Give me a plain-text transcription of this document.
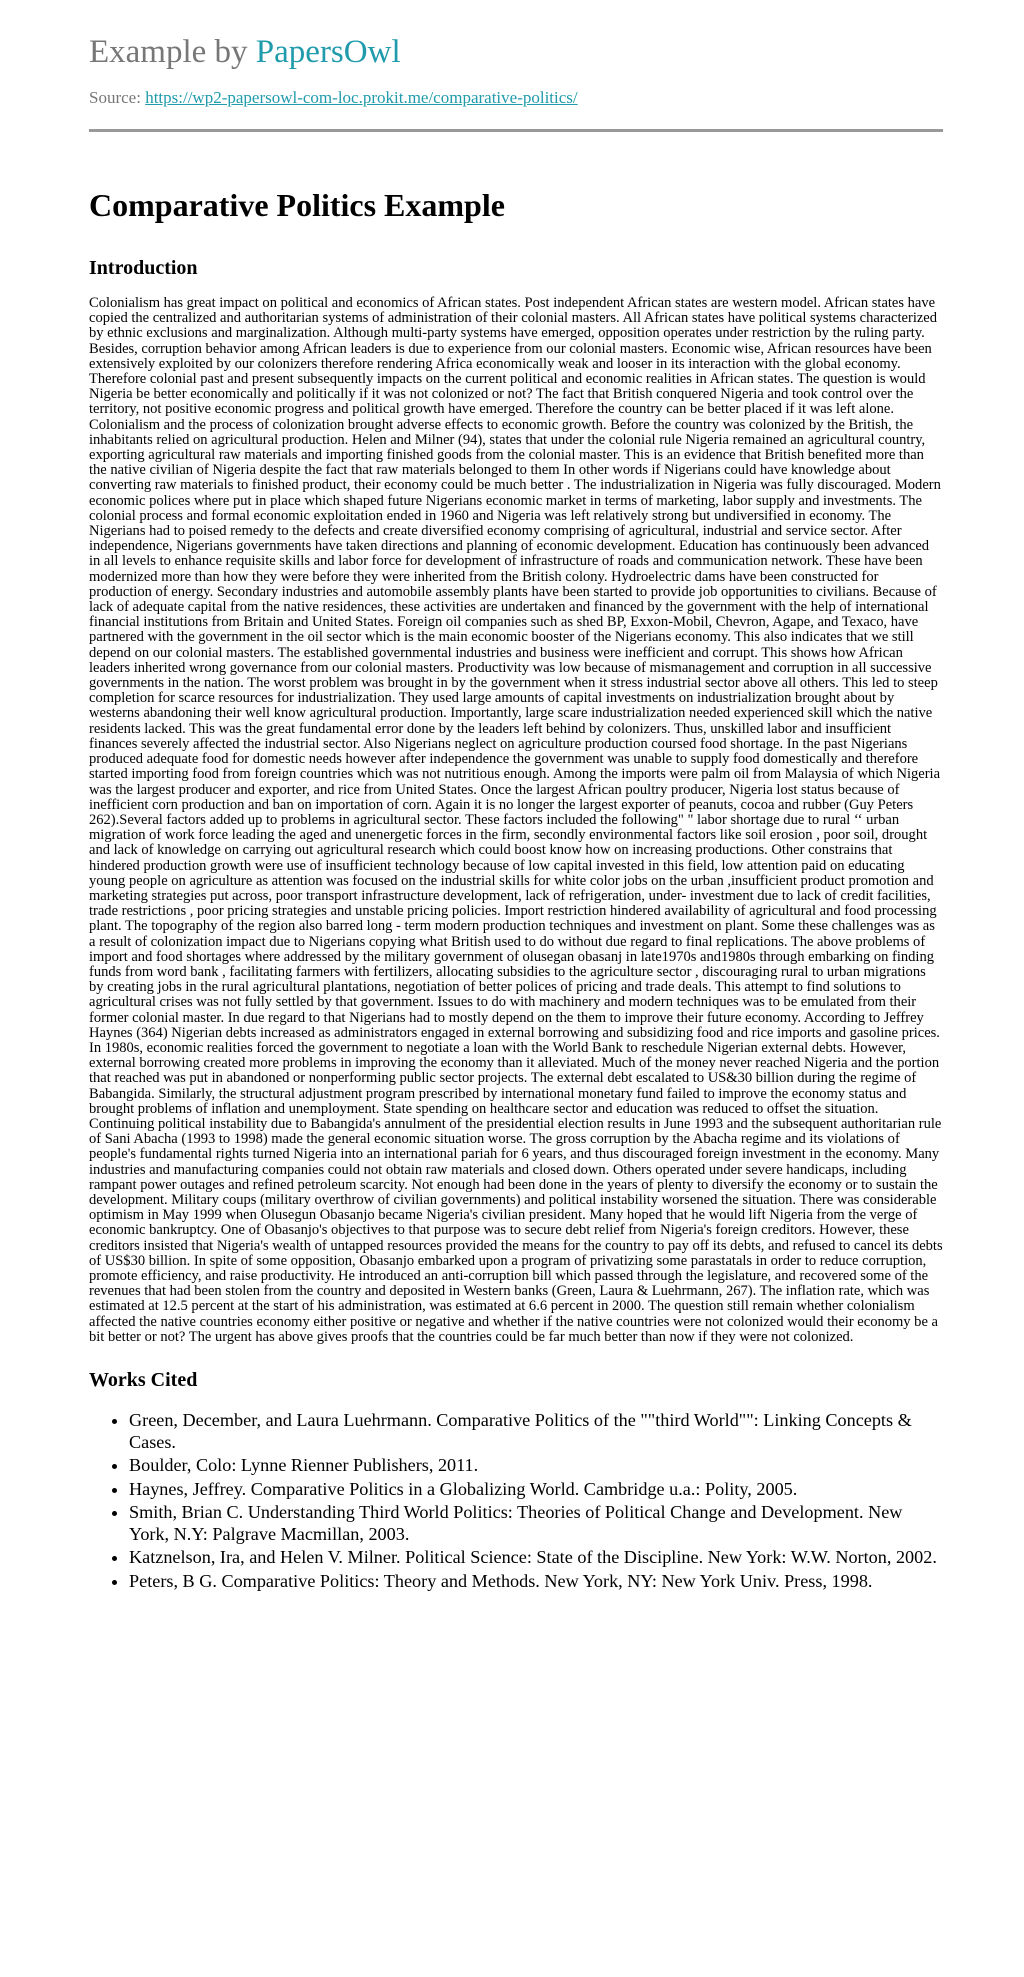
Example by PapersOwl
Source: https://wp2-papersowl-com-loc.prokit.me/comparative-politics/
Comparative Politics Example
Introduction

Colonialism has great impact on political and economics of African states. Post independent African states are western model. African states have copied the centralized and authoritarian systems of administration of their colonial masters. All African states have political systems characterized by ethnic exclusions and marginalization. Although multi-party systems have emerged, opposition operates under restriction by the ruling party. Besides, corruption behavior among African leaders is due to experience from our colonial masters. Economic wise, African resources have been extensively exploited by our colonizers therefore rendering Africa economically weak and looser in its interaction with the global economy. Therefore colonial past and present subsequently impacts on the current political and economic realities in African states. The question is would Nigeria be better economically and politically if it was not colonized or not? The fact that British conquered Nigeria and took control over the territory, not positive economic progress and political growth have emerged. Therefore the country can be better placed if it was left alone. Colonialism and the process of colonization brought adverse effects to economic growth. Before the country was colonized by the British, the inhabitants relied on agricultural production. Helen and Milner (94), states that under the colonial rule Nigeria remained an agricultural country, exporting agricultural raw materials and importing finished goods from the colonial master. This is an evidence that British benefited more than the native civilian of Nigeria despite the fact that raw materials belonged to them In other words if Nigerians could have knowledge about converting raw materials to finished product, their economy could be much better . The industrialization in Nigeria was fully discouraged. Modern economic polices where put in place which shaped future Nigerians economic market in terms of marketing, labor supply and investments. The colonial process and formal economic exploitation ended in 1960 and Nigeria was left relatively strong but undiversified in economy. The Nigerians had to poised remedy to the defects and create diversified economy comprising of agricultural, industrial and service sector. After independence, Nigerians governments have taken directions and planning of economic development. Education has continuously been advanced in all levels to enhance requisite skills and labor force for development of infrastructure of roads and communication network. These have been modernized more than how they were before they were inherited from the British colony. Hydroelectric dams have been constructed for production of energy. Secondary industries and automobile assembly plants have been started to provide job opportunities to civilians. Because of lack of adequate capital from the native residences, these activities are undertaken and financed by the government with the help of international financial institutions from Britain and United States. Foreign oil companies such as shed BP, Exxon-Mobil, Chevron, Agape, and Texaco, have partnered with the government in the oil sector which is the main economic booster of the Nigerians economy. This also indicates that we still depend on our colonial masters. The established governmental industries and business were inefficient and corrupt. This shows how African leaders inherited wrong governance from our colonial masters. Productivity was low because of mismanagement and corruption in all successive governments in the nation. The worst problem was brought in by the government when it stress industrial sector above all others. This led to steep completion for scarce resources for industrialization. They used large amounts of capital investments on industrialization brought about by westerns abandoning their well know agricultural production. Importantly, large scare industrialization needed experienced skill which the native residents lacked. This was the great fundamental error done by the leaders left behind by colonizers. Thus, unskilled labor and insufficient finances severely affected the industrial sector. Also Nigerians neglect on agriculture production coursed food shortage. In the past Nigerians produced adequate food for domestic needs however after independence the government was unable to supply food domestically and therefore started importing food from foreign countries which was not nutritious enough. Among the imports were palm oil from Malaysia of which Nigeria was the largest producer and exporter, and rice from United States. Once the largest African poultry producer, Nigeria lost status because of inefficient corn production and ban on importation of corn. Again it is no longer the largest exporter of peanuts, cocoa and rubber (Guy Peters 262).Several factors added up to problems in agricultural sector. These factors included the following" " labor shortage due to rural ‘‘ urban migration of work force leading the aged and unenergetic forces in the firm, secondly environmental factors like soil erosion , poor soil, drought and lack of knowledge on carrying out agricultural research which could boost know how on increasing productions. Other constrains that hindered production growth were use of insufficient technology because of low capital invested in this field, low attention paid on educating young people on agriculture as attention was focused on the industrial skills for white color jobs on the urban ,insufficient product promotion and marketing strategies put across, poor transport infrastructure development, lack of refrigeration, under- investment due to lack of credit facilities, trade restrictions , poor pricing strategies and unstable pricing policies. Import restriction hindered availability of agricultural and food processing plant. The topography of the region also barred long - term modern production techniques and investment on plant. Some these challenges was as a result of colonization impact due to Nigerians copying what British used to do without due regard to final replications. The above problems of import and food shortages where addressed by the military government of olusegan obasanj in late1970s and1980s through embarking on finding funds from word bank , facilitating farmers with fertilizers, allocating subsidies to the agriculture sector , discouraging rural to urban migrations by creating jobs in the rural agricultural plantations, negotiation of better polices of pricing and trade deals. This attempt to find solutions to agricultural crises was not fully settled by that government. Issues to do with machinery and modern techniques was to be emulated from their former colonial master. In due regard to that Nigerians had to mostly depend on the them to improve their future economy. According to Jeffrey Haynes (364) Nigerian debts increased as administrators engaged in external borrowing and subsidizing food and rice imports and gasoline prices. In 1980s, economic realities forced the government to negotiate a loan with the World Bank to reschedule Nigerian external debts. However, external borrowing created more problems in improving the economy than it alleviated. Much of the money never reached Nigeria and the portion that reached was put in abandoned or nonperforming public sector projects. The external debt escalated to US&30 billion during the regime of Babangida. Similarly, the structural adjustment program prescribed by international monetary fund failed to improve the economy status and brought problems of inflation and unemployment. State spending on healthcare sector and education was reduced to offset the situation. Continuing political instability due to Babangida's annulment of the presidential election results in June 1993 and the subsequent authoritarian rule of Sani Abacha (1993 to 1998) made the general economic situation worse. The gross corruption by the Abacha regime and its violations of people's fundamental rights turned Nigeria into an international pariah for 6 years, and thus discouraged foreign investment in the economy. Many industries and manufacturing companies could not obtain raw materials and closed down. Others operated under severe handicaps, including rampant power outages and refined petroleum scarcity. Not enough had been done in the years of plenty to diversify the economy or to sustain the development. Military coups (military overthrow of civilian governments) and political instability worsened the situation. There was considerable optimism in May 1999 when Olusegun Obasanjo became Nigeria's civilian president. Many hoped that he would lift Nigeria from the verge of economic bankruptcy. One of Obasanjo's objectives to that purpose was to secure debt relief from Nigeria's foreign creditors. However, these creditors insisted that Nigeria's wealth of untapped resources provided the means for the country to pay off its debts, and refused to cancel its debts of US$30 billion. In spite of some opposition, Obasanjo embarked upon a program of privatizing some parastatals in order to reduce corruption, promote efficiency, and raise productivity. He introduced an anti-corruption bill which passed through the legislature, and recovered some of the revenues that had been stolen from the country and deposited in Western banks (Green, Laura & Luehrmann, 267). The inflation rate, which was estimated at 12.5 percent at the start of his administration, was estimated at 6.6 percent in 2000. The question still remain whether colonialism affected the native countries economy either positive or negative and whether if the native countries were not colonized would their economy be a bit better or not? The urgent has above gives proofs that the countries could be far much better than now if they were not colonized.

Works Cited
• Green, December, and Laura Luehrmann. Comparative Politics of the ""third World"": Linking Concepts & Cases.
• Boulder, Colo: Lynne Rienner Publishers, 2011.
• Haynes, Jeffrey. Comparative Politics in a Globalizing World. Cambridge u.a.: Polity, 2005.
• Smith, Brian C. Understanding Third World Politics: Theories of Political Change and Development. New York, N.Y: Palgrave Macmillan, 2003.
• Katznelson, Ira, and Helen V. Milner. Political Science: State of the Discipline. New York: W.W. Norton, 2002.
• Peters, B G. Comparative Politics: Theory and Methods. New York, NY: New York Univ. Press, 1998.
